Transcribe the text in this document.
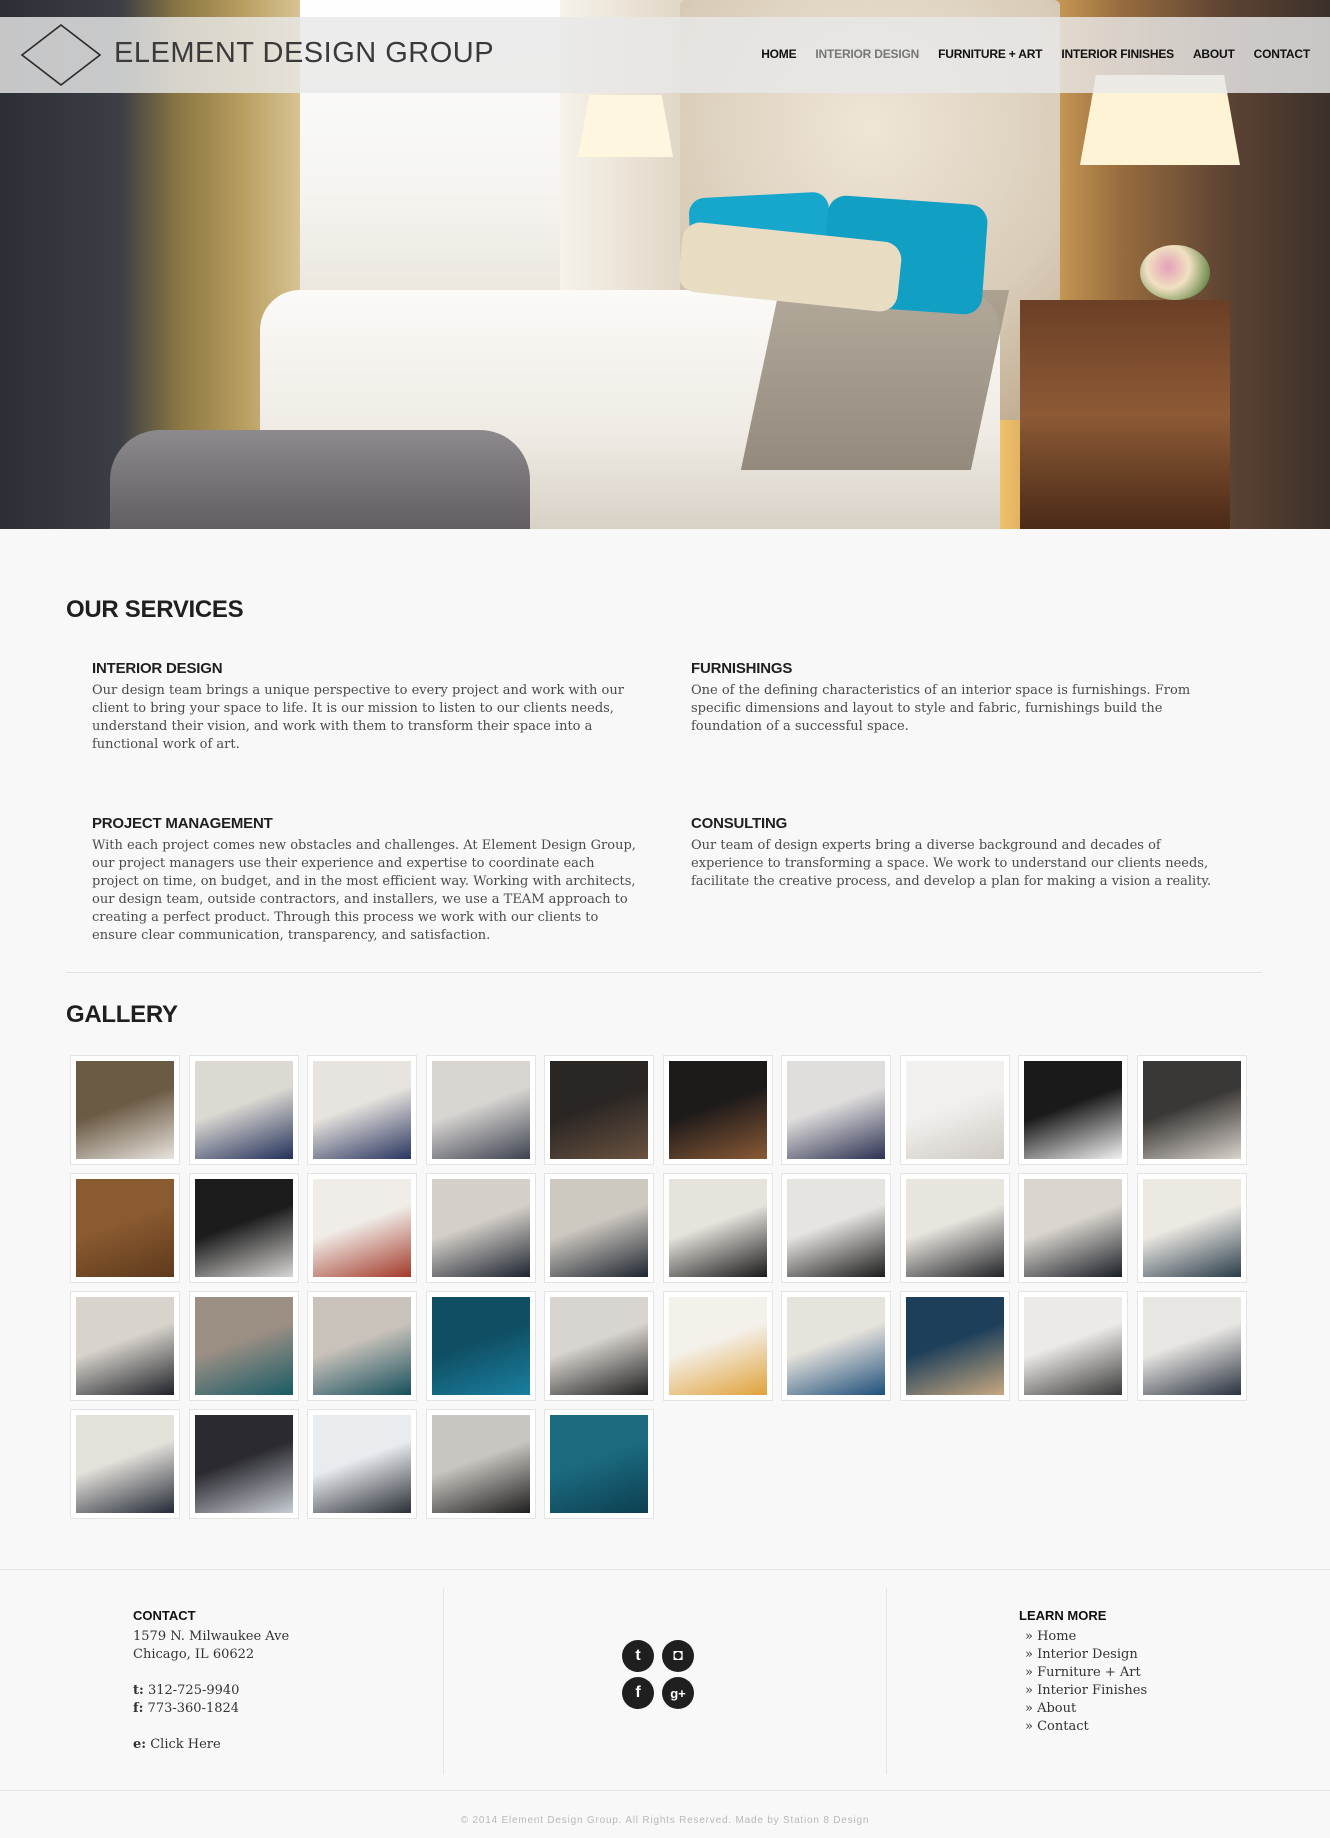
ELEMENT DESIGN GROUP	HOME INTERIOR DESIGN FURNITURE + ART INTERIOR FINISHES ABOUT CONTACT
OUR SERVICES
INTERIOR DESIGN

Our design team brings a unique perspective to every project and work with our client to bring your space to life. It is our mission to listen to our clients needs, understand their vision, and work with them to transform their space into a functional work of art.

FURNISHINGS

One of the defining characteristics of an interior space is furnishings. From specific dimensions and layout to style and fabric, furnishings build the foundation of a successful space.

PROJECT MANAGEMENT

With each project comes new obstacles and challenges. At Element Design Group, our project managers use their experience and expertise to coordinate each project on time, on budget, and in the most efficient way. Working with architects, our design team, outside contractors, and installers, we use a TEAM approach to creating a perfect product. Through this process we work with our clients to ensure clear communication, transparency, and satisfaction.

CONSULTING

Our team of design experts bring a diverse background and decades of experience to transforming a space. We work to understand our clients needs, facilitate the creative process, and develop a plan for making a vision a reality.

GALLERY
CONTACT
1579 N. Milwaukee Ave
Chicago, IL 60622
t: 312-725-9940
f: 773-360-1824
e: Click Here
t ◘
f g+
LEARN MORE
» Home
» Interior Design
» Furniture + Art
» Interior Finishes
» About
» Contact
© 2014 Element Design Group. All Rights Reserved. Made by Station 8 Design
